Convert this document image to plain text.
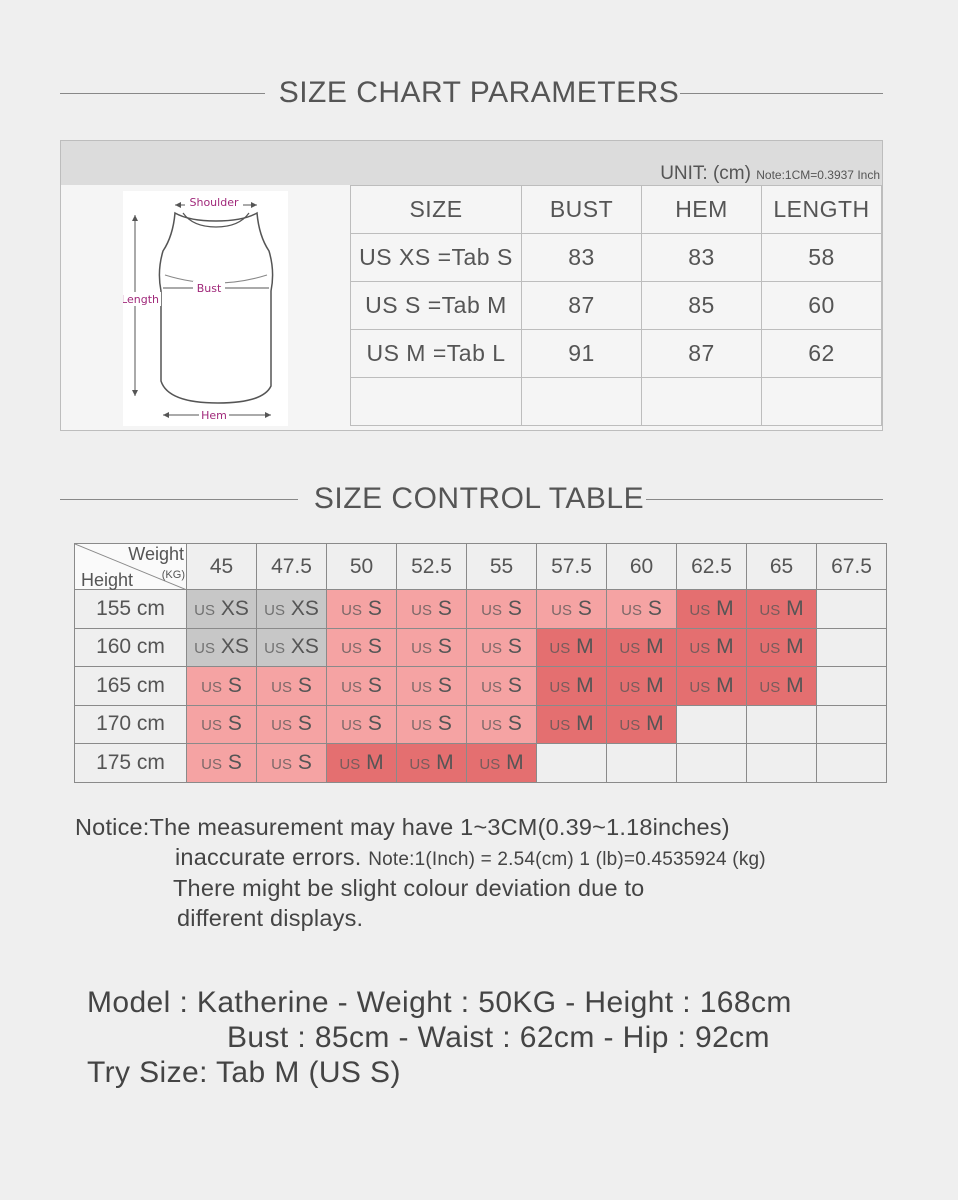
SIZE CHART PARAMETERS
UNIT: (cm) Note:1CM=0.3937 Inch
Shoulder
Bust
Length
Hem
SIZE	BUST	HEM	LENGTH
US XS =Tab S	83	83	58
US S =Tab M	87	85	60
US M =Tab L	91	87	62

SIZE CONTROL TABLE
Weight
(KG)
Height	45	47.5	50	52.5	55	57.5	60	62.5	65	67.5
155 cm	US XS	US XS	US S	US S	US S	US S	US S	US M	US M	
160 cm	US XS	US XS	US S	US S	US S	US M	US M	US M	US M	
165 cm	US S	US S	US S	US S	US S	US M	US M	US M	US M	
170 cm	US S	US S	US S	US S	US S	US M	US M			
175 cm	US S	US S	US M	US M	US M					
Notice:The measurement may have 1~3CM(0.39~1.18inches)
inaccurate errors. Note:1(Inch) = 2.54(cm) 1 (lb)=0.4535924 (kg)
There might be slight colour deviation due to
different displays.
Model : Katherine - Weight : 50KG - Height : 168cm
Bust : 85cm - Waist : 62cm - Hip : 92cm
Try Size: Tab M (US S)
